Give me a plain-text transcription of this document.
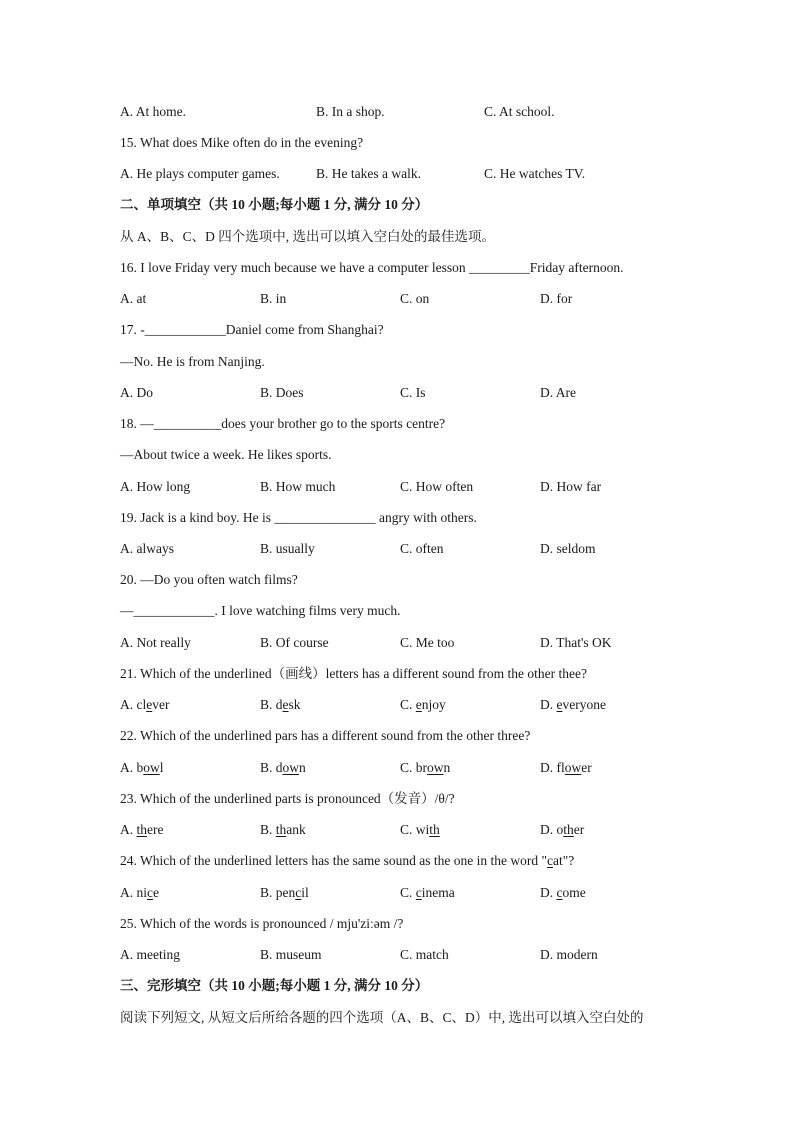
A. At home.	B. In a shop.	C. At school.
15. What does Mike often do in the evening?
A. He plays computer games.	B. He takes a walk.	C. He watches TV.
二、单项填空（共 10 小题;每小题 1 分, 满分 10 分）
从 A、B、C、D 四个选项中, 选出可以填入空白处的最佳选项。
16. I love Friday very much because we have a computer lesson _________Friday afternoon.
A. at	B. in	C. on	D. for
17. -____________Daniel come from Shanghai?
—No. He is from Nanjing.
A. Do	B. Does	C. Is	D. Are
18. —__________does your brother go to the sports centre?
—About twice a week. He likes sports.
A. How long	B. How much	C. How often	D. How far
19. Jack is a kind boy. He is _______________ angry with others.
A. always	B. usually	C. often	D. seldom
20. —Do you often watch films?
—____________. I love watching films very much.
A. Not really	B. Of course	C. Me too	D. That's OK
21. Which of the underlined（画线）letters has a different sound from the other thee?
A. clever	B. desk	C. enjoy	D. everyone
22. Which of the underlined pars has a different sound from the other three?
A. bowl	B. down	C. brown	D. flower
23. Which of the underlined parts is pronounced（发音）/θ/?
A. there	B. thank	C. with	D. other
24. Which of the underlined letters has the same sound as the one in the word "cat"?
A. nice	B. pencil	C. cinema	D. come
25. Which of the words is pronounced / mju'ziːəm /?
A. meeting	B. museum	C. match	D. modern
三、完形填空（共 10 小题;每小题 1 分, 满分 10 分）
阅读下列短文, 从短文后所给各题的四个选项（A、B、C、D）中, 选出可以填入空白处的
